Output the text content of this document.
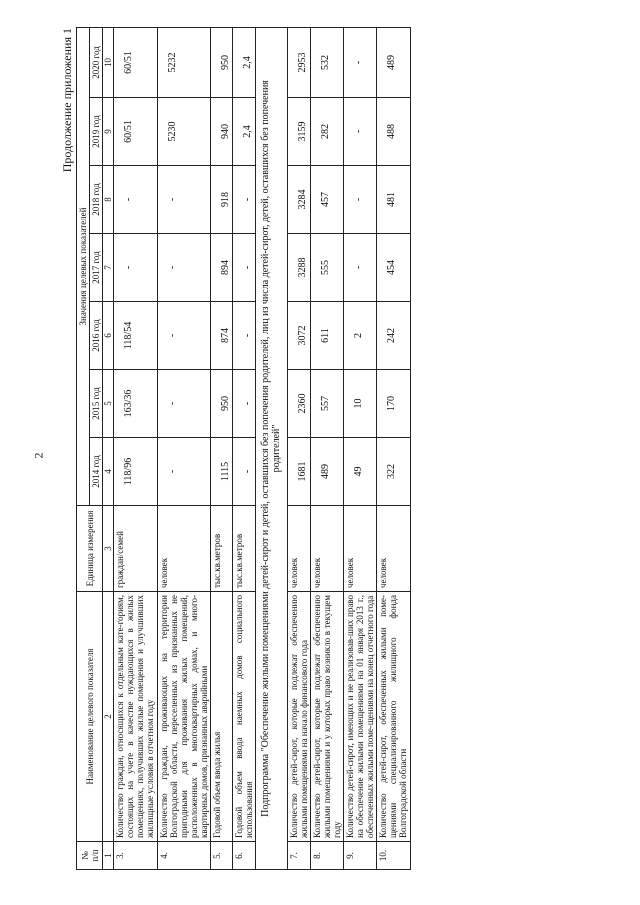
2
Продолжение приложения 1
№
п/п	Наименование целевого показателя	Единица измерения	Значения целевых показателей						
			2014 год	2015 год	2016 год	2017 год	2018 год	2019 год	2020 год
1	2	3	4	5	6	7	8	9	10
3.	Количество граждан, относящихся к отдельным кате-гориям, состоящих на учете в качестве нуждающихся в жилых помещениях, получивших жилые помещения и улучшивших жилищные условия в отчетном году	граждан/семей	118/96	163/36	118/54	-	-	60/51	60/51
4.	Количество граждан, проживающих на территории Волгоградской области, переселенных из признанных не пригодными для проживания жилых помещений, расположенных в многоквартирных домах, и много-квартирных домов, признанных аварийными	человек	-	-	-	-	-	5230	5232
5.	Годовой объем ввода жилья	тыс.кв.метров	1115	950	874	894	918	940	950
6.	Годовой объем ввода наемных домов социального использования	тыс.кв.метров	-	-	-	-	-	2,4	2,4
Подпрограмма "Обеспечение жилыми помещениями детей-сирот и детей, оставшихся без попечения родителей, лиц из числа детей-сирот, детей, оставшихся без попечения родителей"									
7.	Количество детей-сирот, которые подлежат обеспечению жилыми помещениями на начало финансового года	человек	1681	2360	3072	3288	3284	3159	2953
8.	Количество детей-сирот, которые подлежат обеспечению жилыми помещениями и у которых право возникло в текущем году	человек	489	557	611	555	457	282	532
9.	Количество детей-сирот, имеющих и не реализовав-ших право на обеспечение жилыми помещениями на 01 января 2013 г., обеспеченных жилыми поме-щениями на конец отчетного года	человек	49	10	2	-	-	-	-
10.	Количество детей-сирот, обеспеченных жилыми поме-щениями специализированного жилищного фонда Волгоградской области	человек	322	170	242	454	481	488	489
